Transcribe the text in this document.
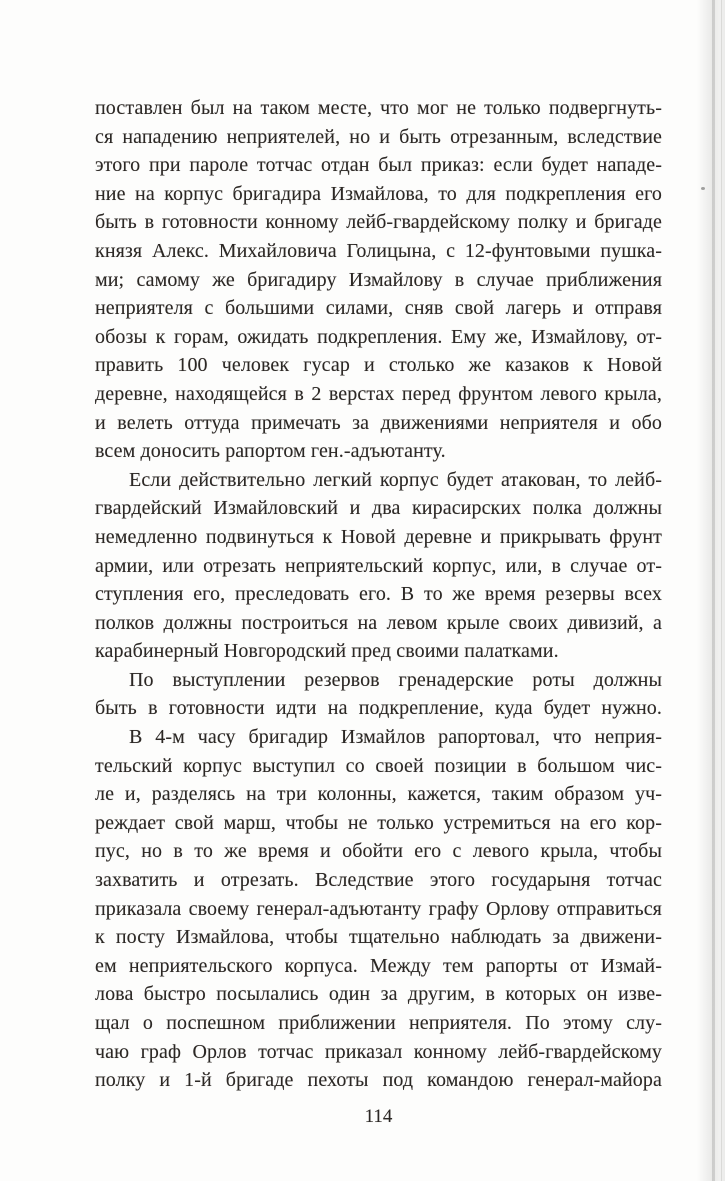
поставлен был на таком месте, что мог не только подвергнуть-
ся нападению неприятелей, но и быть отрезанным, вследствие
этого при пароле тотчас отдан был приказ: если будет нападе-
ние на корпус бригадира Измайлова, то для подкрепления его
быть в готовности конному лейб-гвардейскому полку и бригаде
князя Алекс. Михайловича Голицына, с 12-фунтовыми пушка-
ми; самому же бригадиру Измайлову в случае приближения
неприятеля с большими силами, сняв свой лагерь и отправя
обозы к горам, ожидать подкрепления. Ему же, Измайлову, от-
править 100 человек гусар и столько же казаков к Новой
деревне, находящейся в 2 верстах перед фрунтом левого крыла,
и велеть оттуда примечать за движениями неприятеля и обо
всем доносить рапортом ген.-адъютанту.
Если действительно легкий корпус будет атакован, то лейб-
гвардейский Измайловский и два кирасирских полка должны
немедленно подвинуться к Новой деревне и прикрывать фрунт
армии, или отрезать неприятельский корпус, или, в случае от-
ступления его, преследовать его. В то же время резервы всех
полков должны построиться на левом крыле своих дивизий, а
карабинерный Новгородский пред своими палатками.
По выступлении резервов гренадерские роты должны
быть в готовности идти на подкрепление, куда будет нужно.
В 4-м часу бригадир Измайлов рапортовал, что неприя-
тельский корпус выступил со своей позиции в большом чис-
ле и, разделясь на три колонны, кажется, таким образом уч-
реждает свой марш, чтобы не только устремиться на его кор-
пус, но в то же время и обойти его с левого крыла, чтобы
захватить и отрезать. Вследствие этого государыня тотчас
приказала своему генерал-адъютанту графу Орлову отправиться
к посту Измайлова, чтобы тщательно наблюдать за движени-
ем неприятельского корпуса. Между тем рапорты от Измай-
лова быстро посылались один за другим, в которых он изве-
щал о поспешном приближении неприятеля. По этому слу-
чаю граф Орлов тотчас приказал конному лейб-гвардейскому
полку и 1-й бригаде пехоты под командою генерал-майора
114
